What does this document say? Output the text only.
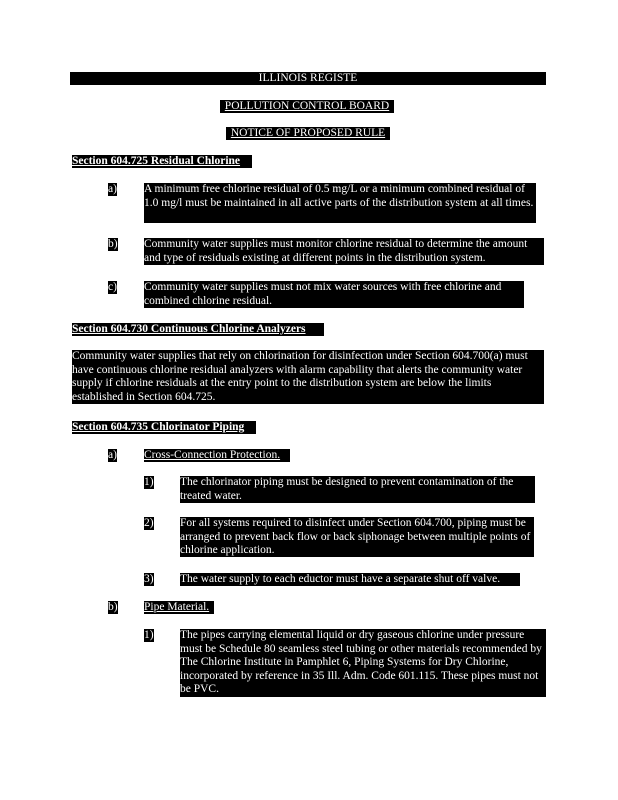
ILLINOIS REGISTE
POLLUTION CONTROL BOARD
NOTICE OF PROPOSED RULE
Section 604.725 Residual Chlorine
a) A minimum free chlorine residual of 0.5 mg/L or a minimum combined residual of 1.0 mg/l must be maintained in all active parts of the distribution system at all times.
b) Community water supplies must monitor chlorine residual to determine the amount and type of residuals existing at different points in the distribution system.
c) Community water supplies must not mix water sources with free chlorine and combined chlorine residual.
Section 604.730 Continuous Chlorine Analyzers
Community water supplies that rely on chlorination for disinfection under Section 604.700(a) must have continuous chlorine residual analyzers with alarm capability that alerts the community water supply if chlorine residuals at the entry point to the distribution system are below the limits established in Section 604.725.
Section 604.735 Chlorinator Piping
a) Cross-Connection Protection.
1) The chlorinator piping must be designed to prevent contamination of the treated water.
2) For all systems required to disinfect under Section 604.700, piping must be arranged to prevent back flow or back siphonage between multiple points of chlorine application.
3) The water supply to each eductor must have a separate shut off valve.
b) Pipe Material.
1) The pipes carrying elemental liquid or dry gaseous chlorine under pressure must be Schedule 80 seamless steel tubing or other materials recommended by The Chlorine Institute in Pamphlet 6, Piping Systems for Dry Chlorine, incorporated by reference in 35 Ill. Adm. Code 601.115. These pipes must not be PVC.
